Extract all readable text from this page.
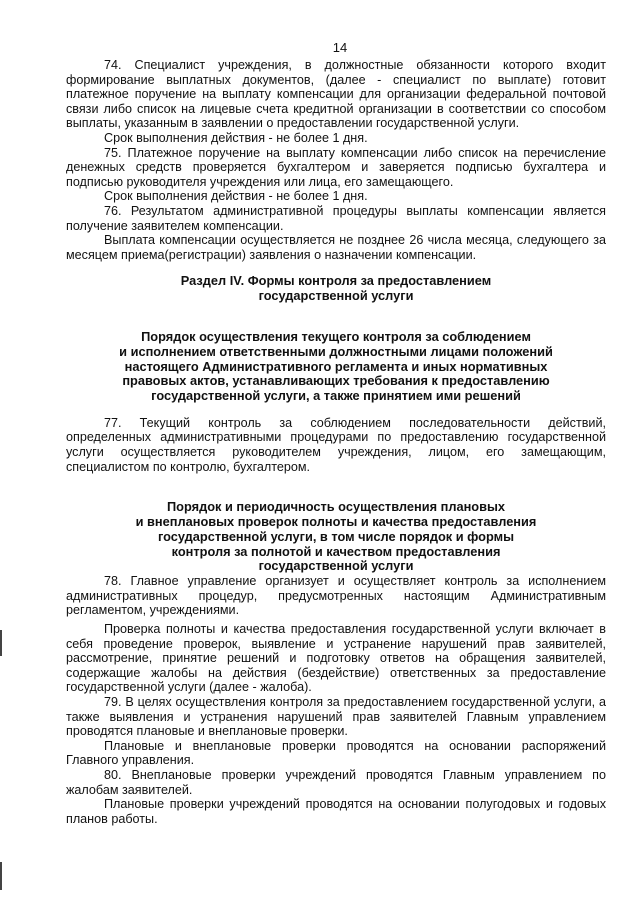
14

74. Специалист учреждения, в должностные обязанности которого входит формирование выплатных документов, (далее - специалист по выплате) готовит платежное поручение на выплату компенсации для организации федеральной почтовой связи либо список на лицевые счета кредитной организации в соответствии со способом выплаты, указанным в заявлении о предоставлении государственной услуги.

Срок выполнения действия - не более 1 дня.

75. Платежное поручение на выплату компенсации либо список на перечисление денежных средств проверяется бухгалтером и заверяется подписью бухгалтера и подписью руководителя учреждения или лица, его замещающего.

Срок выполнения действия - не более 1 дня.

76. Результатом административной процедуры выплаты компенсации является получение заявителем компенсации.

Выплата компенсации осуществляется не позднее 26 числа месяца, следующего за месяцем приема(регистрации) заявления о назначении компенсации.

Раздел IV. Формы контроля за предоставлением

государственной услуги

Порядок осуществления текущего контроля за соблюдением

и исполнением ответственными должностными лицами положений

настоящего Административного регламента и иных нормативных

правовых актов, устанавливающих требования к предоставлению

государственной услуги, а также принятием ими решений

77. Текущий контроль за соблюдением последовательности действий, определенных административными процедурами по предоставлению государственной услуги осуществляется руководителем учреждения, лицом, его замещающим, специалистом по контролю, бухгалтером.

Порядок и периодичность осуществления плановых

и внеплановых проверок полноты и качества предоставления

государственной услуги, в том числе порядок и формы

контроля за полнотой и качеством предоставления

государственной услуги

78. Главное управление организует и осуществляет контроль за исполнением административных процедур, предусмотренных настоящим Административным регламентом, учреждениями.

Проверка полноты и качества предоставления государственной услуги включает в себя проведение проверок, выявление и устранение нарушений прав заявителей, рассмотрение, принятие решений и подготовку ответов на обращения заявителей, содержащие жалобы на действия (бездействие) ответственных за предоставление государственной услуги (далее - жалоба).

79. В целях осуществления контроля за предоставлением государственной услуги, а также выявления и устранения нарушений прав заявителей Главным управлением проводятся плановые и внеплановые проверки.

Плановые и внеплановые проверки проводятся на основании распоряжений Главного управления.

80. Внеплановые проверки учреждений проводятся Главным управлением по жалобам заявителей.

Плановые проверки учреждений проводятся на основании полугодовых и годовых планов работы.
